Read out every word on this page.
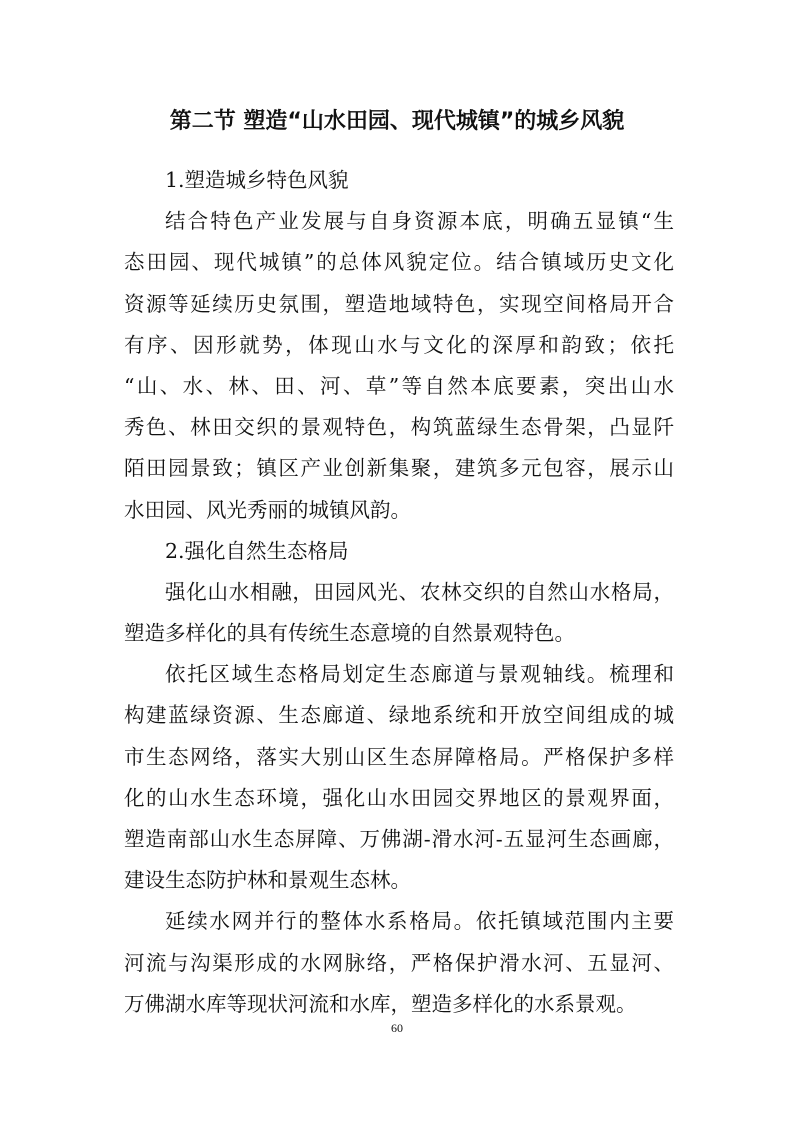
第二节 塑造“山水田园、现代城镇”的城乡风貌
1.塑造城乡特色风貌
结合特色产业发展与自身资源本底，明确五显镇“生
态田园、现代城镇”的总体风貌定位。结合镇域历史文化
资源等延续历史氛围，塑造地域特色，实现空间格局开合
有序、因形就势，体现山水与文化的深厚和韵致；依托
“山、水、林、田、河、草”等自然本底要素，突出山水
秀色、林田交织的景观特色，构筑蓝绿生态骨架，凸显阡
陌田园景致；镇区产业创新集聚，建筑多元包容，展示山
水田园、风光秀丽的城镇风韵。
2.强化自然生态格局
强化山水相融，田园风光、农林交织的自然山水格局，
塑造多样化的具有传统生态意境的自然景观特色。
依托区域生态格局划定生态廊道与景观轴线。梳理和
构建蓝绿资源、生态廊道、绿地系统和开放空间组成的城
市生态网络，落实大别山区生态屏障格局。严格保护多样
化的山水生态环境，强化山水田园交界地区的景观界面，
塑造南部山水生态屏障、万佛湖-滑水河-五显河生态画廊，
建设生态防护林和景观生态林。
延续水网并行的整体水系格局。依托镇域范围内主要
河流与沟渠形成的水网脉络，严格保护滑水河、五显河、
万佛湖水库等现状河流和水库，塑造多样化的水系景观。
60
